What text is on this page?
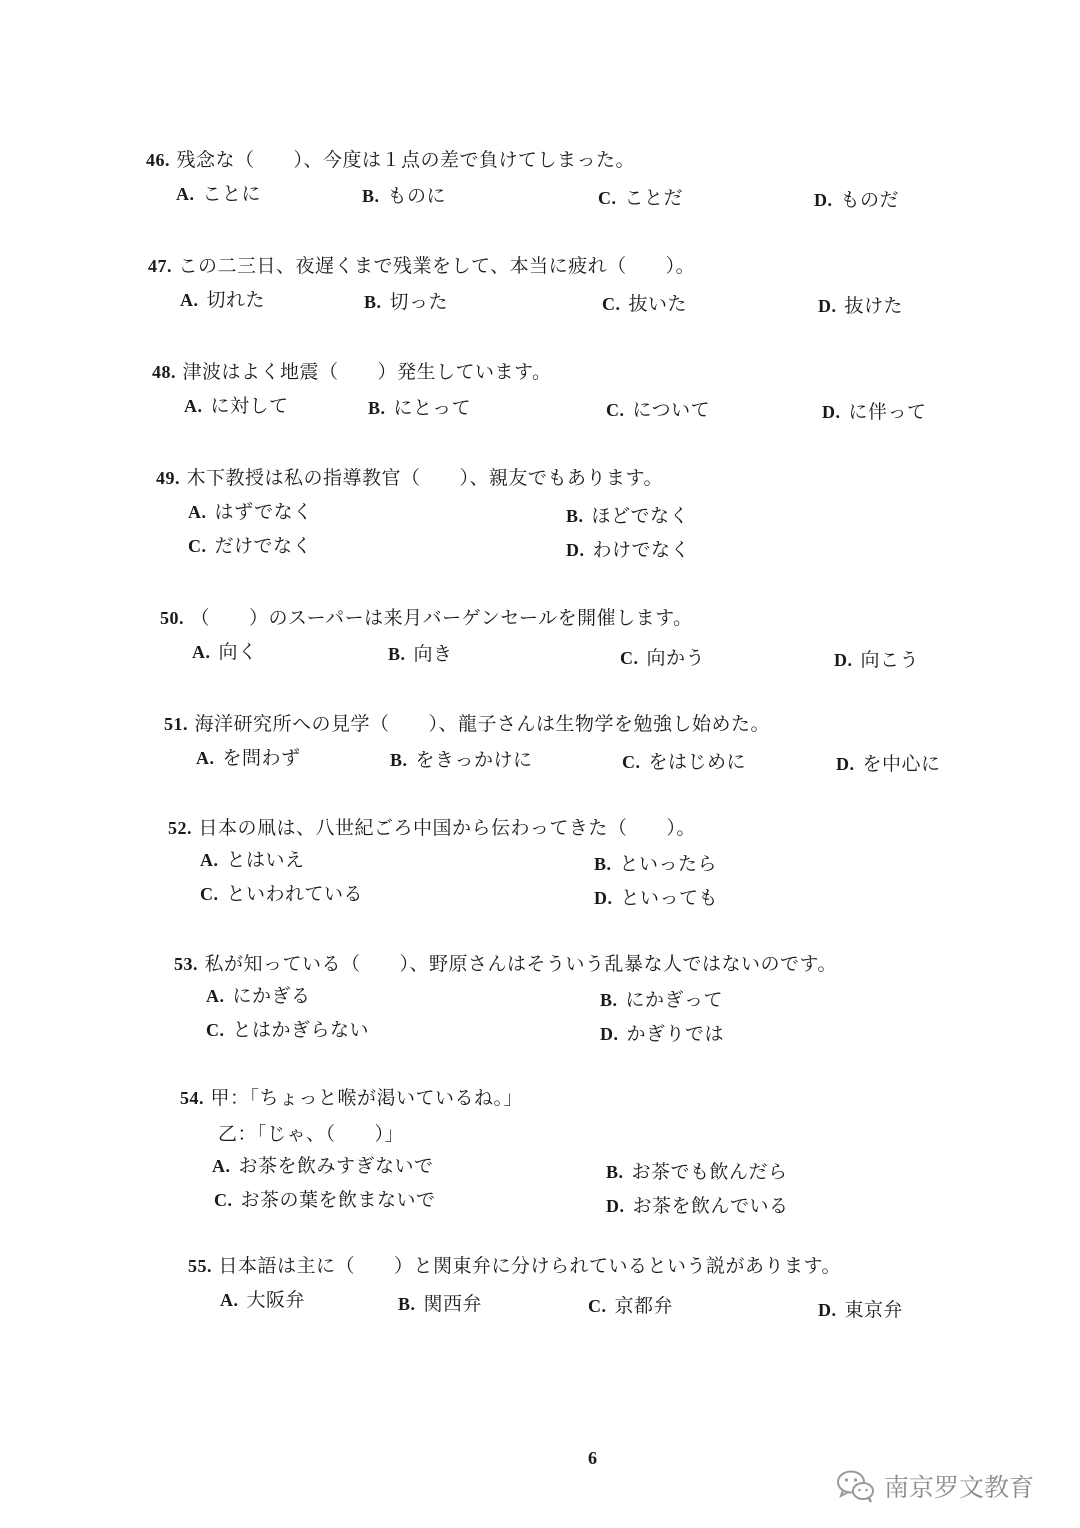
46. 残念な（　　）、今度は１点の差で負けてしまった。
A. ことに	B. ものに	C. ことだ	D. ものだ
47. この二三日、夜遅くまで残業をして、本当に疲れ（　　）。
A. 切れた	B. 切った	C. 抜いた	D. 抜けた
48. 津波はよく地震（　　）発生しています。
A. に対して	B. にとって	C. について	D. に伴って
49. 木下教授は私の指導教官（　　）、親友でもあります。
A. はずでなく	B. ほどでなく
C. だけでなく	D. わけでなく
50. （　　）のスーパーは来月バーゲンセールを開催します。
A. 向く	B. 向き	C. 向かう	D. 向こう
51. 海洋研究所への見学（　　）、龍子さんは生物学を勉強し始めた。
A. を問わず	B. をきっかけに	C. をはじめに	D. を中心に
52. 日本の凧は、八世紀ごろ中国から伝わってきた（　　）。
A. とはいえ	B. といったら
C. といわれている	D. といっても
53. 私が知っている（　　）、野原さんはそういう乱暴な人ではないのです。
A. にかぎる	B. にかぎって
C. とはかぎらない	D. かぎりでは
54. 甲：「ちょっと喉が渇いているね。」
乙：「じゃ、（　　）」
A. お茶を飲みすぎないで	B. お茶でも飲んだら
C. お茶の葉を飲まないで	D. お茶を飲んでいる
55. 日本語は主に（　　）と関東弁に分けられているという説があります。
A. 大阪弁	B. 関西弁	C. 京都弁	D. 東京弁
6
南京罗文教育
